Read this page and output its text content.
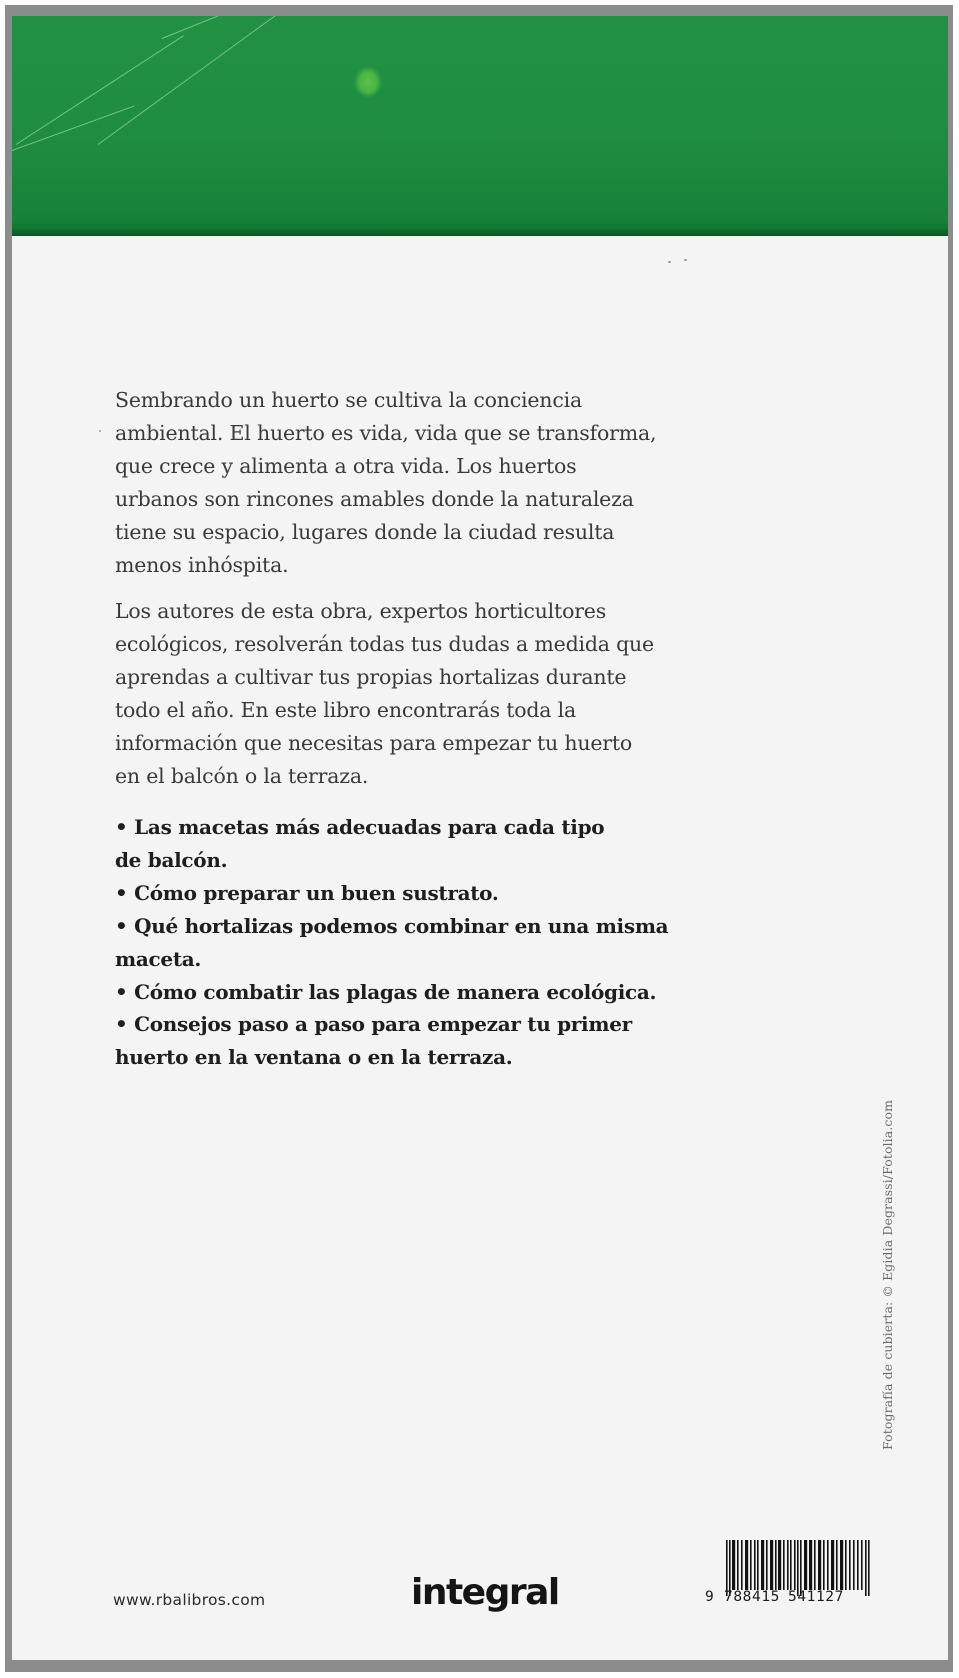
Sembrando un huerto se cultiva la conciencia
ambiental. El huerto es vida, vida que se transforma,
que crece y alimenta a otra vida. Los huertos
urbanos son rincones amables donde la naturaleza
tiene su espacio, lugares donde la ciudad resulta
menos inhóspita.

Los autores de esta obra, expertos horticultores
ecológicos, resolverán todas tus dudas a medida que
aprendas a cultivar tus propias hortalizas durante
todo el año. En este libro encontrarás toda la
información que necesitas para empezar tu huerto
en el balcón o la terraza.

• Las macetas más adecuadas para cada tipo
de balcón.
• Cómo preparar un buen sustrato.
• Qué hortalizas podemos combinar en una misma
maceta.
• Cómo combatir las plagas de manera ecológica.
• Consejos paso a paso para empezar tu primer
huerto en la ventana o en la terraza.
Fotografía de cubierta: © Egidia Degrassi/Fotolia.com
www.rbalibros.com	integral	9 788415 541127
